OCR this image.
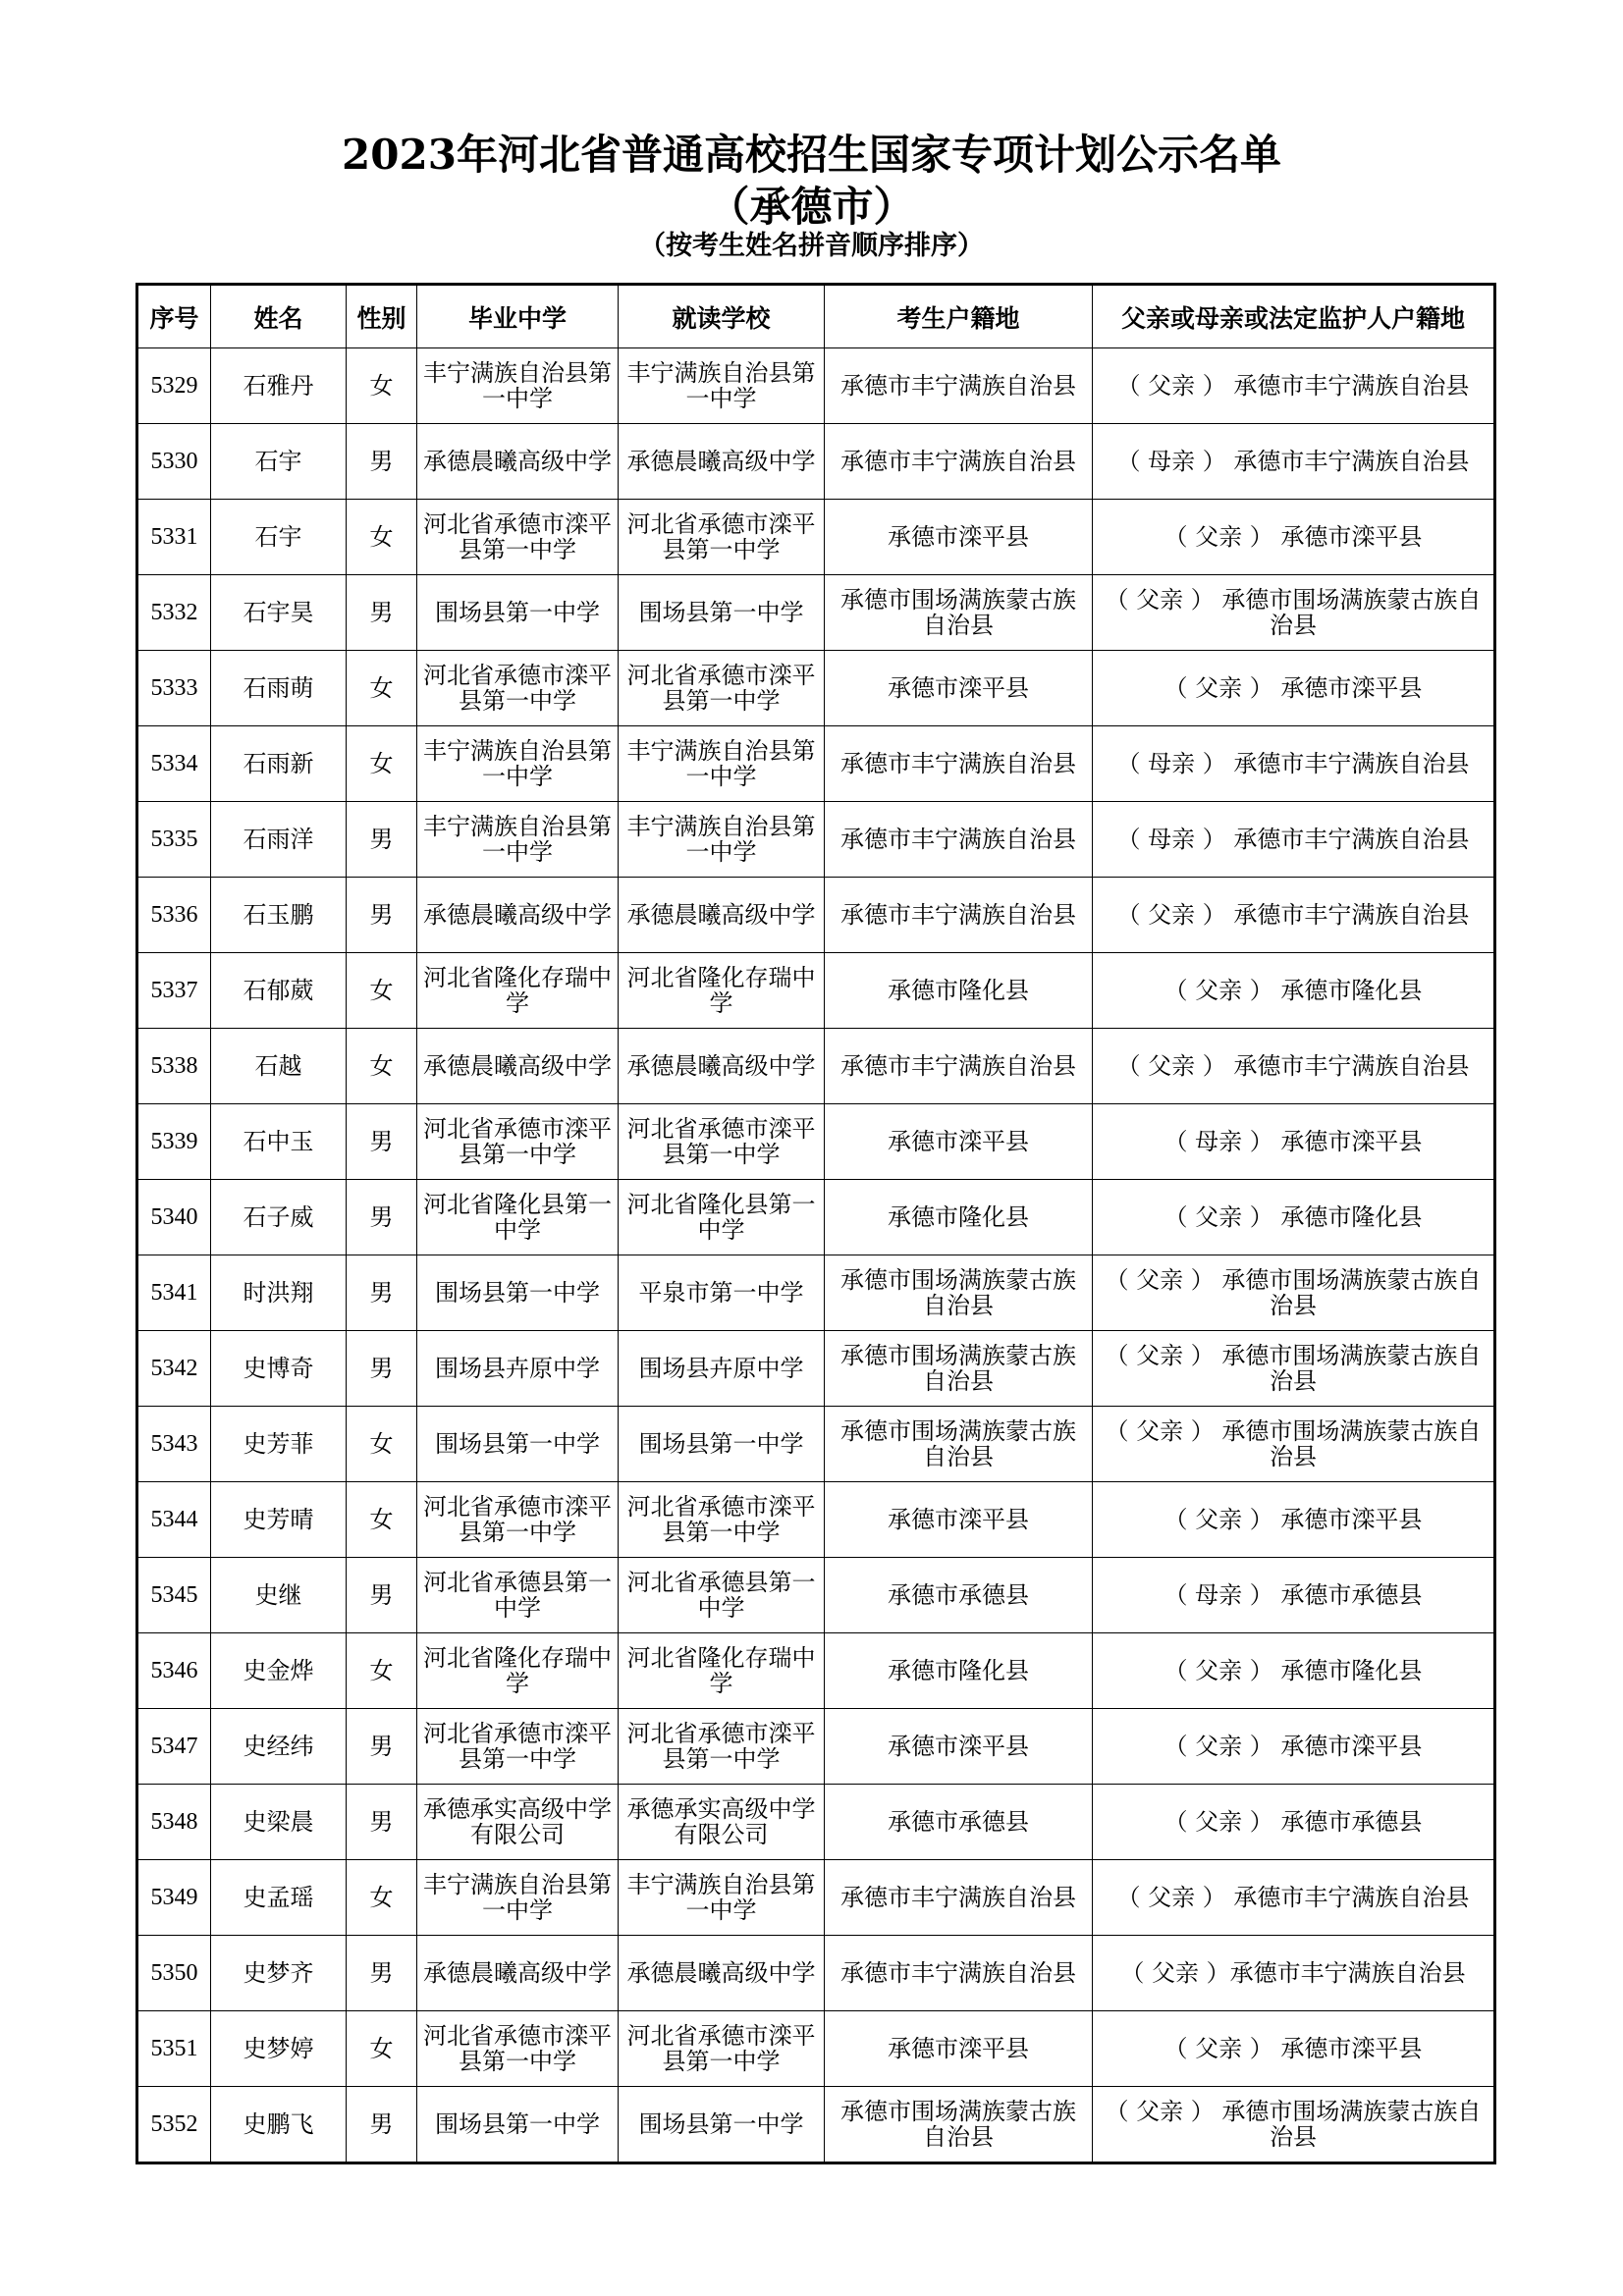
2023年河北省普通高校招生国家专项计划公示名单
（承德市）
（按考生姓名拼音顺序排序）
序号	姓名	性别	毕业中学	就读学校	考生户籍地	父亲或母亲或法定监护人户籍地
5329	石雅丹	女	丰宁满族自治县第一中学	丰宁满族自治县第一中学	承德市丰宁满族自治县	（ 父亲 ） 承德市丰宁满族自治县
5330	石宇	男	承德晨曦高级中学	承德晨曦高级中学	承德市丰宁满族自治县	（ 母亲 ） 承德市丰宁满族自治县
5331	石宇	女	河北省承德市滦平县第一中学	河北省承德市滦平县第一中学	承德市滦平县	（ 父亲 ） 承德市滦平县
5332	石宇昊	男	围场县第一中学	围场县第一中学	承德市围场满族蒙古族自治县	（ 父亲 ） 承德市围场满族蒙古族自治县
5333	石雨萌	女	河北省承德市滦平县第一中学	河北省承德市滦平县第一中学	承德市滦平县	（ 父亲 ） 承德市滦平县
5334	石雨新	女	丰宁满族自治县第一中学	丰宁满族自治县第一中学	承德市丰宁满族自治县	（ 母亲 ） 承德市丰宁满族自治县
5335	石雨洋	男	丰宁满族自治县第一中学	丰宁满族自治县第一中学	承德市丰宁满族自治县	（ 母亲 ） 承德市丰宁满族自治县
5336	石玉鹏	男	承德晨曦高级中学	承德晨曦高级中学	承德市丰宁满族自治县	（ 父亲 ） 承德市丰宁满族自治县
5337	石郁葳	女	河北省隆化存瑞中学	河北省隆化存瑞中学	承德市隆化县	（ 父亲 ） 承德市隆化县
5338	石越	女	承德晨曦高级中学	承德晨曦高级中学	承德市丰宁满族自治县	（ 父亲 ） 承德市丰宁满族自治县
5339	石中玉	男	河北省承德市滦平县第一中学	河北省承德市滦平县第一中学	承德市滦平县	（ 母亲 ） 承德市滦平县
5340	石子威	男	河北省隆化县第一中学	河北省隆化县第一中学	承德市隆化县	（ 父亲 ） 承德市隆化县
5341	时洪翔	男	围场县第一中学	平泉市第一中学	承德市围场满族蒙古族自治县	（ 父亲 ） 承德市围场满族蒙古族自治县
5342	史博奇	男	围场县卉原中学	围场县卉原中学	承德市围场满族蒙古族自治县	（ 父亲 ） 承德市围场满族蒙古族自治县
5343	史芳菲	女	围场县第一中学	围场县第一中学	承德市围场满族蒙古族自治县	（ 父亲 ） 承德市围场满族蒙古族自治县
5344	史芳晴	女	河北省承德市滦平县第一中学	河北省承德市滦平县第一中学	承德市滦平县	（ 父亲 ） 承德市滦平县
5345	史继	男	河北省承德县第一中学	河北省承德县第一中学	承德市承德县	（ 母亲 ） 承德市承德县
5346	史金烨	女	河北省隆化存瑞中学	河北省隆化存瑞中学	承德市隆化县	（ 父亲 ） 承德市隆化县
5347	史经纬	男	河北省承德市滦平县第一中学	河北省承德市滦平县第一中学	承德市滦平县	（ 父亲 ） 承德市滦平县
5348	史梁晨	男	承德承实高级中学有限公司	承德承实高级中学有限公司	承德市承德县	（ 父亲 ） 承德市承德县
5349	史孟瑶	女	丰宁满族自治县第一中学	丰宁满族自治县第一中学	承德市丰宁满族自治县	（ 父亲 ） 承德市丰宁满族自治县
5350	史梦齐	男	承德晨曦高级中学	承德晨曦高级中学	承德市丰宁满族自治县	（ 父亲 ）承德市丰宁满族自治县
5351	史梦婷	女	河北省承德市滦平县第一中学	河北省承德市滦平县第一中学	承德市滦平县	（ 父亲 ） 承德市滦平县
5352	史鹏飞	男	围场县第一中学	围场县第一中学	承德市围场满族蒙古族自治县	（ 父亲 ） 承德市围场满族蒙古族自治县
